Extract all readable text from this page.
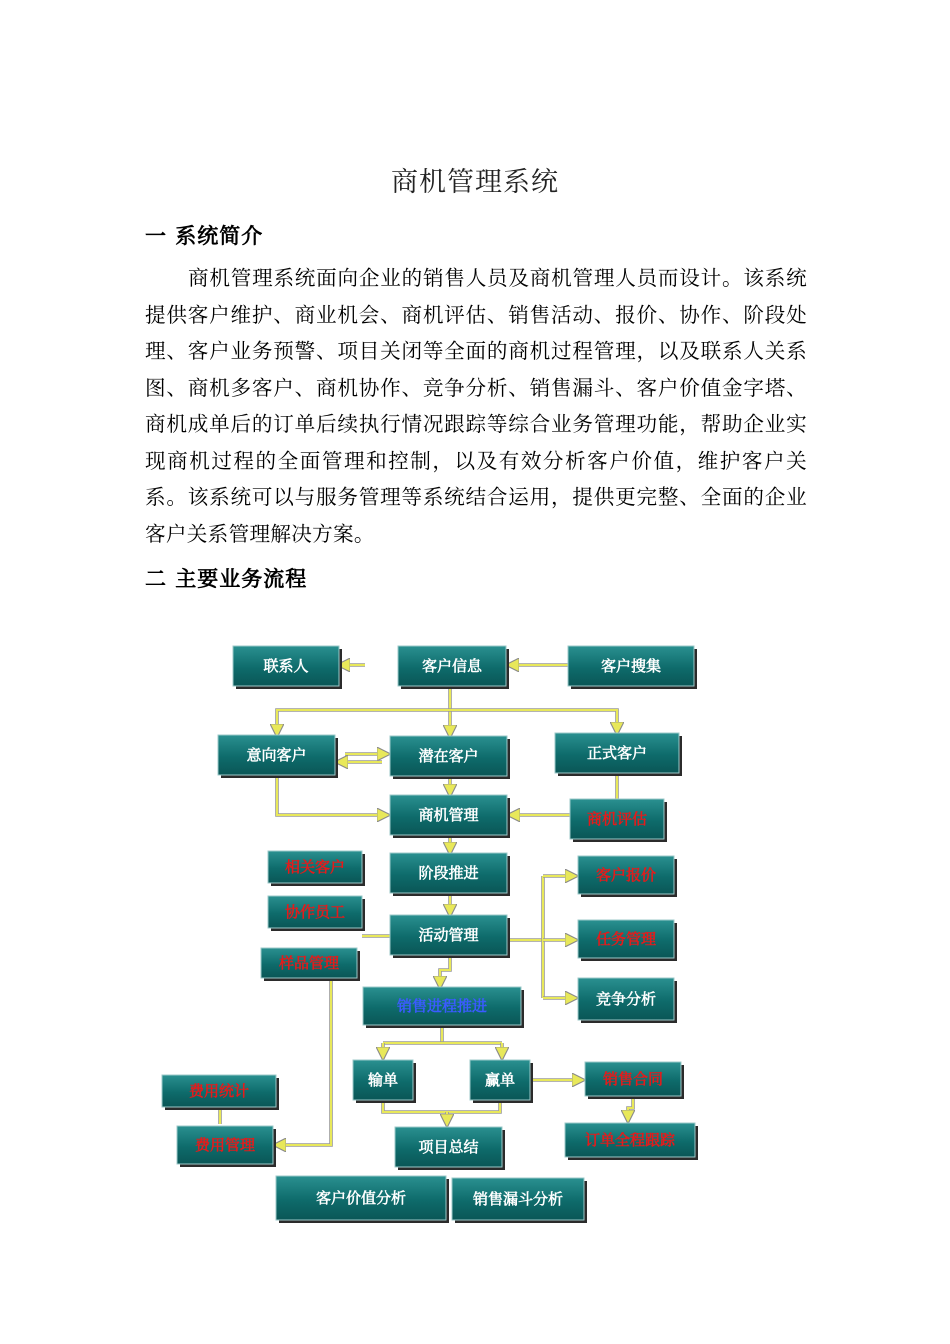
商机管理系统
一 系统简介
商机管理系统面向企业的销售人员及商机管理人员而设计。该系统提供客户维护、商业机会、商机评估、销售活动、报价、协作、阶段处理、客户业务预警、项目关闭等全面的商机过程管理，以及联系人关系图、商机多客户、商机协作、竞争分析、销售漏斗、客户价值金字塔、商机成单后的订单后续执行情况跟踪等综合业务管理功能，帮助企业实现商机过程的全面管理和控制，以及有效分析客户价值，维护客户关系。该系统可以与服务管理等系统结合运用，提供更完整、全面的企业客户关系管理解决方案。
二 主要业务流程
联系人	客户信息	客户搜集
意向客户	潜在客户	正式客户
商机管理	商机评估
相关客户	阶段推进	客户报价
协作员工
活动管理	任务管理
样品管理
销售进程推进	竞争分析
输单	赢单	销售合同
费用统计
订单全程跟踪
费用管理	项目总结
客户价值分析	销售漏斗分析
